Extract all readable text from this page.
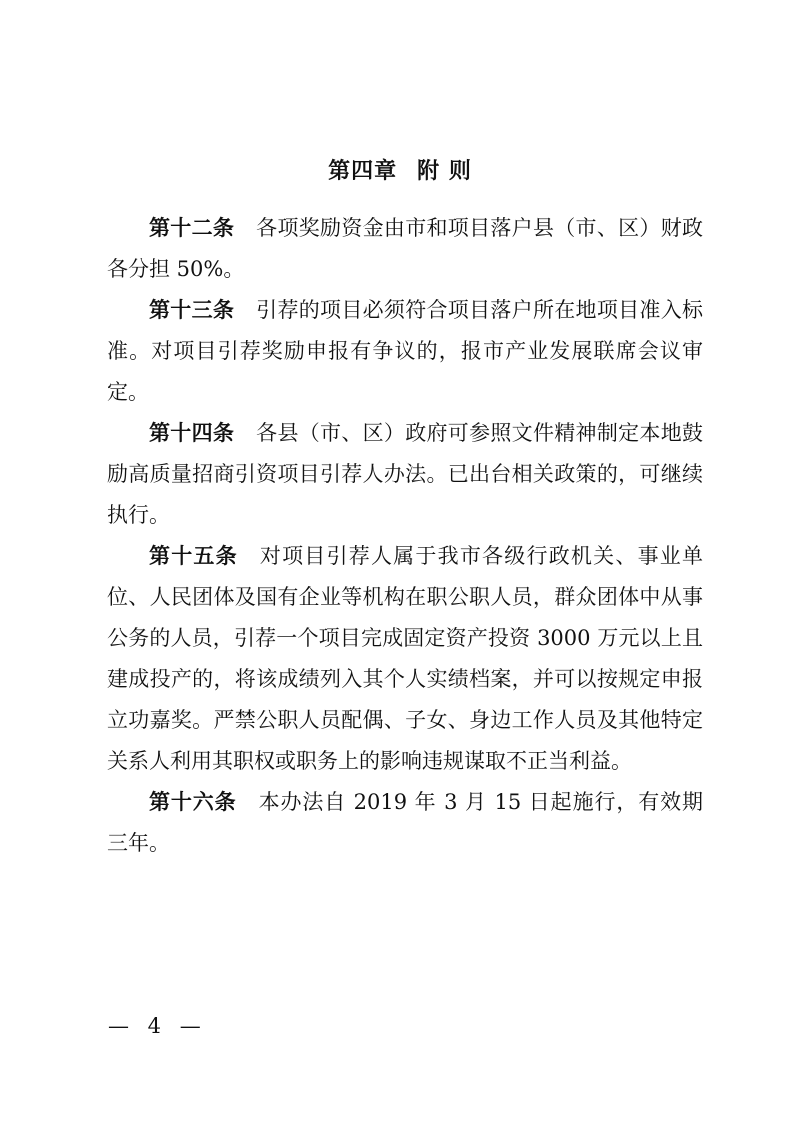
第四章 附 则

第十二条 各项奖励资金由市和项目落户县（市、区）财政各分担 50%。

第十三条 引荐的项目必须符合项目落户所在地项目准入标准。对项目引荐奖励申报有争议的，报市产业发展联席会议审定。

第十四条 各县（市、区）政府可参照文件精神制定本地鼓励高质量招商引资项目引荐人办法。已出台相关政策的，可继续执行。

第十五条 对项目引荐人属于我市各级行政机关、事业单位、人民团体及国有企业等机构在职公职人员，群众团体中从事公务的人员，引荐一个项目完成固定资产投资 3000 万元以上且建成投产的，将该成绩列入其个人实绩档案，并可以按规定申报立功嘉奖。严禁公职人员配偶、子女、身边工作人员及其他特定关系人利用其职权或职务上的影响违规谋取不正当利益。

第十六条 本办法自 2019 年 3 月 15 日起施行，有效期三年。

— 4 —
